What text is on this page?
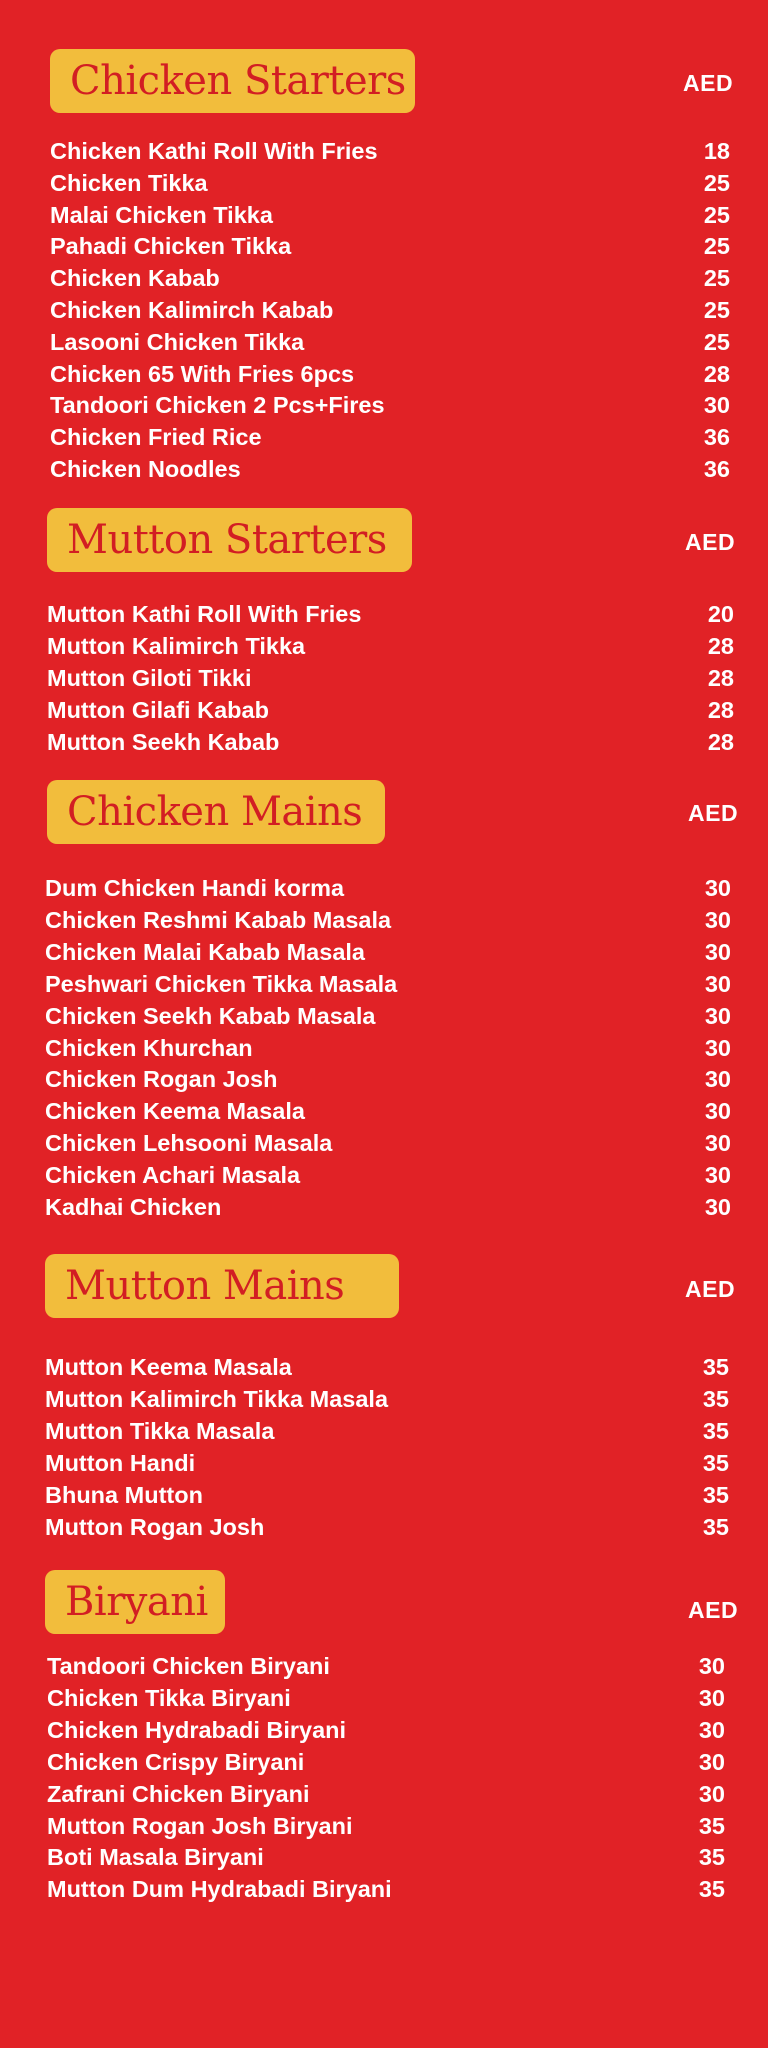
Chicken Starters	AED
Chicken Kathi Roll With Fries	18
Chicken Tikka	25
Malai Chicken Tikka	25
Pahadi Chicken Tikka	25
Chicken Kabab	25
Chicken Kalimirch Kabab	25
Lasooni Chicken Tikka	25
Chicken 65 With Fries 6pcs	28
Tandoori Chicken 2 Pcs+Fires	30
Chicken Fried Rice	36
Chicken Noodles	36
Mutton Starters	AED
Mutton Kathi Roll With Fries	20
Mutton Kalimirch Tikka	28
Mutton Giloti Tikki	28
Mutton Gilafi Kabab	28
Mutton Seekh Kabab	28
Chicken Mains	AED
Dum Chicken Handi korma	30
Chicken Reshmi Kabab Masala	30
Chicken Malai Kabab Masala	30
Peshwari Chicken Tikka Masala	30
Chicken Seekh Kabab Masala	30
Chicken Khurchan	30
Chicken Rogan Josh	30
Chicken Keema Masala	30
Chicken Lehsooni Masala	30
Chicken Achari Masala	30
Kadhai Chicken	30
Mutton Mains	AED
Mutton Keema Masala	35
Mutton Kalimirch Tikka Masala	35
Mutton Tikka Masala	35
Mutton Handi	35
Bhuna Mutton	35
Mutton Rogan Josh	35
Biryani	AED
Tandoori Chicken Biryani	30
Chicken Tikka Biryani	30
Chicken Hydrabadi Biryani	30
Chicken Crispy Biryani	30
Zafrani Chicken Biryani	30
Mutton Rogan Josh Biryani	35
Boti Masala Biryani	35
Mutton Dum Hydrabadi Biryani	35
